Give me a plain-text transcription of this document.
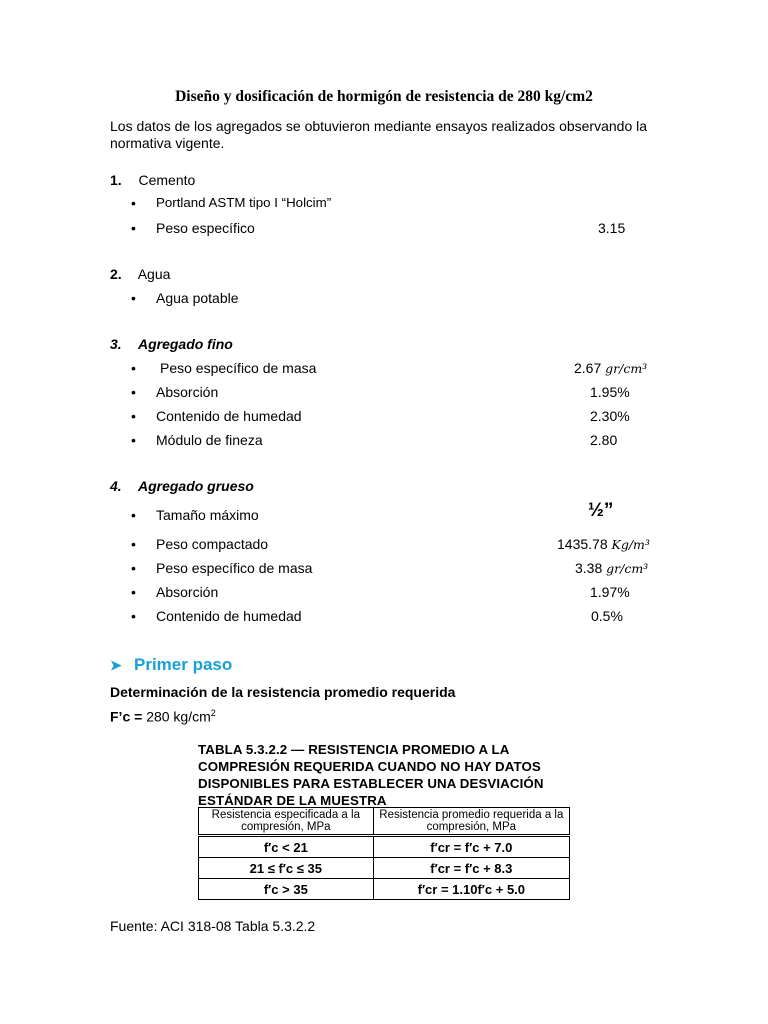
Diseño y dosificación de hormigón de resistencia de 280 kg/cm2
Los datos de los agregados se obtuvieron mediante ensayos realizados observando la normativa vigente.
1. Cemento
• Portland ASTM tipo I “Holcim”
• Peso específico	3.15
2. Agua
• Agua potable
3. Agregado fino
• Peso específico de masa	2.67 gr/cm³
• Absorción	1.95%
• Contenido de humedad	2.30%
• Módulo de fineza	2.80
4. Agregado grueso
• Tamaño máximo	½”
• Peso compactado	1435.78 Kg/m³
• Peso específico de masa	3.38 gr/cm³
• Absorción	1.97%
• Contenido de humedad	0.5%
➤ Primer paso
Determinación de la resistencia promedio requerida
F’c = 280 $kg/cm^2$
TABLA 5.3.2.2 — RESISTENCIA PROMEDIO A LA COMPRESIÓN REQUERIDA CUANDO NO HAY DATOS DISPONIBLES PARA ESTABLECER UNA DESVIACIÓN ESTÁNDAR DE LA MUESTRA
Resistencia especificada a la compresión, MPa	Resistencia promedio requerida a la compresión, MPa
f′c < 21	f′cr = f′c + 7.0
21 ≤ f′c ≤ 35	f′cr = f′c + 8.3
f′c > 35	f′cr = 1.10f′c + 5.0
Fuente: ACI 318-08 Tabla 5.3.2.2
